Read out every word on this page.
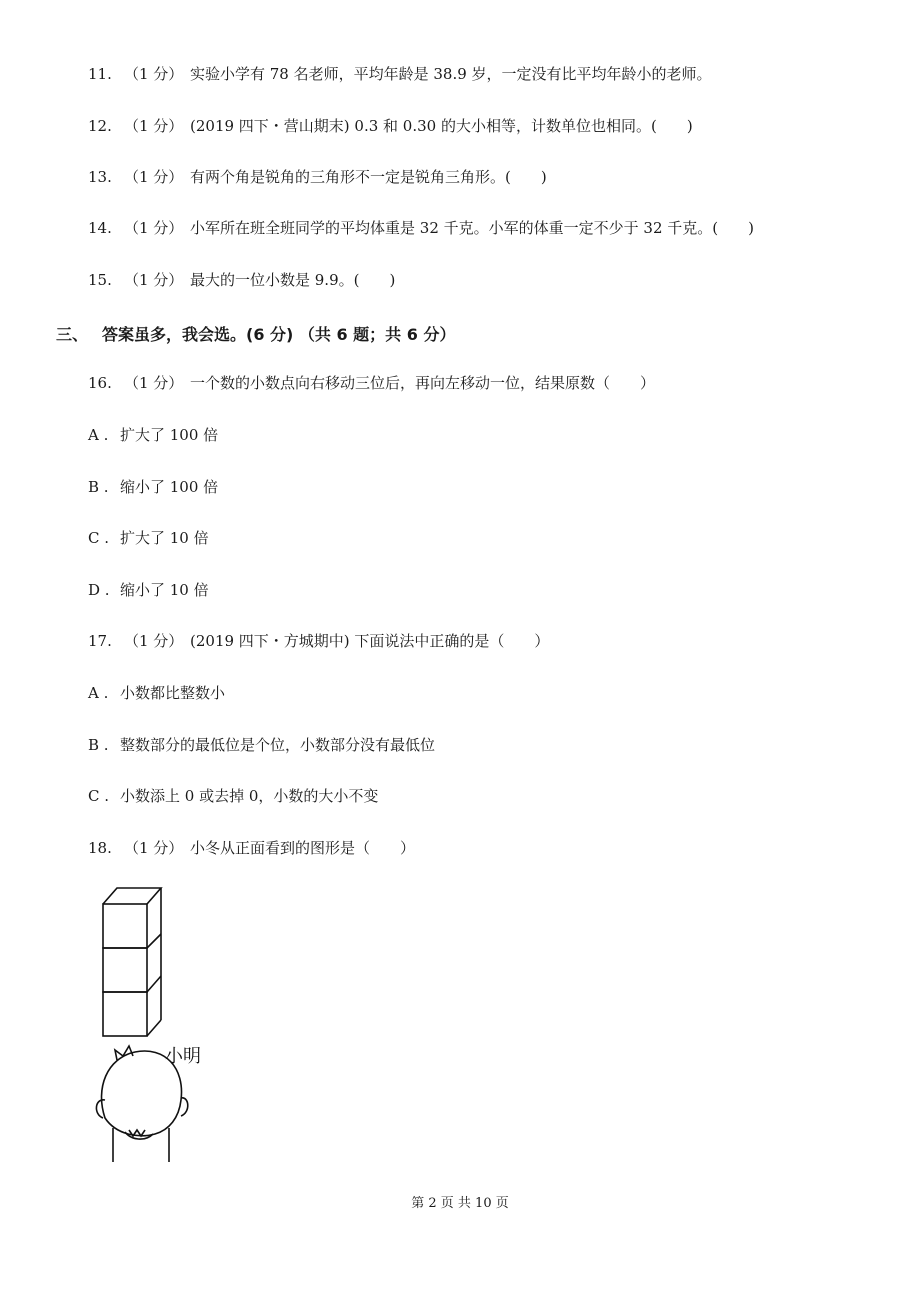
11. （1 分） 实验小学有 78 名老师，平均年龄是 38.9 岁，一定没有比平均年龄小的老师。
12. （1 分） (2019 四下・营山期末) 0.3 和 0.30 的大小相等，计数单位也相同。(　　)
13. （1 分） 有两个角是锐角的三角形不一定是锐角三角形。(　　)
14. （1 分） 小军所在班全班同学的平均体重是 32 千克。小军的体重一定不少于 32 千克。(　　)
15. （1 分） 最大的一位小数是 9.9。(　　)
三、 答案虽多，我会选。(6 分) （共 6 题；共 6 分）
16. （1 分） 一个数的小数点向右移动三位后，再向左移动一位，结果原数（　　）
A . 扩大了 100 倍
B . 缩小了 100 倍
C . 扩大了 10 倍
D . 缩小了 10 倍
17. （1 分） (2019 四下・方城期中) 下面说法中正确的是（　　）
A . 小数都比整数小
B . 整数部分的最低位是个位，小数部分没有最低位
C . 小数添上 0 或去掉 0，小数的大小不变
18. （1 分） 小冬从正面看到的图形是（　　）
小明
第 2 页 共 10 页
